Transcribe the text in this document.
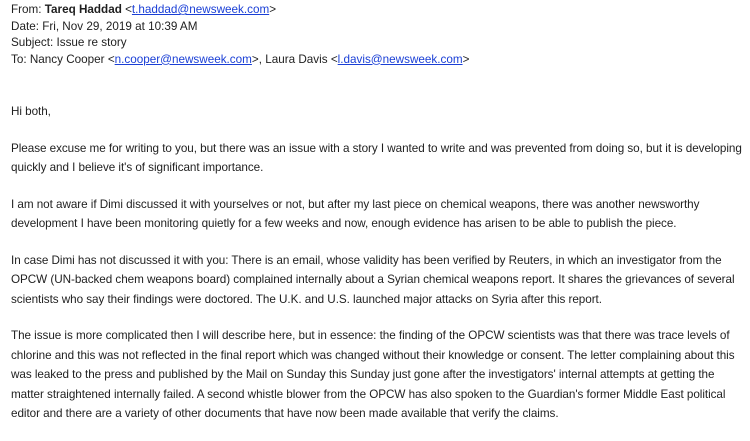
From: Tareq Haddad <t.haddad@newsweek.com>
Date: Fri, Nov 29, 2019 at 10:39 AM
Subject: Issue re story
To: Nancy Cooper <n.cooper@newsweek.com>, Laura Davis <l.davis@newsweek.com>

Hi both,

Please excuse me for writing to you, but there was an issue with a story I wanted to write and was prevented from doing so, but it is developing quickly and I believe it's of significant importance.

I am not aware if Dimi discussed it with yourselves or not, but after my last piece on chemical weapons, there was another newsworthy development I have been monitoring quietly for a few weeks and now, enough evidence has arisen to be able to publish the piece.

In case Dimi has not discussed it with you: There is an email, whose validity has been verified by Reuters, in which an investigator from the OPCW (UN-backed chem weapons board) complained internally about a Syrian chemical weapons report. It shares the grievances of several scientists who say their findings were doctored. The U.K. and U.S. launched major attacks on Syria after this report.

The issue is more complicated then I will describe here, but in essence: the finding of the OPCW scientists was that there was trace levels of chlorine and this was not reflected in the final report which was changed without their knowledge or consent. The letter complaining about this was leaked to the press and published by the Mail on Sunday this Sunday just gone after the investigators' internal attempts at getting the matter straightened internally failed. A second whistle blower from the OPCW has also spoken to the Guardian's former Middle East political editor and there are a variety of other documents that have now been made available that verify the claims.
